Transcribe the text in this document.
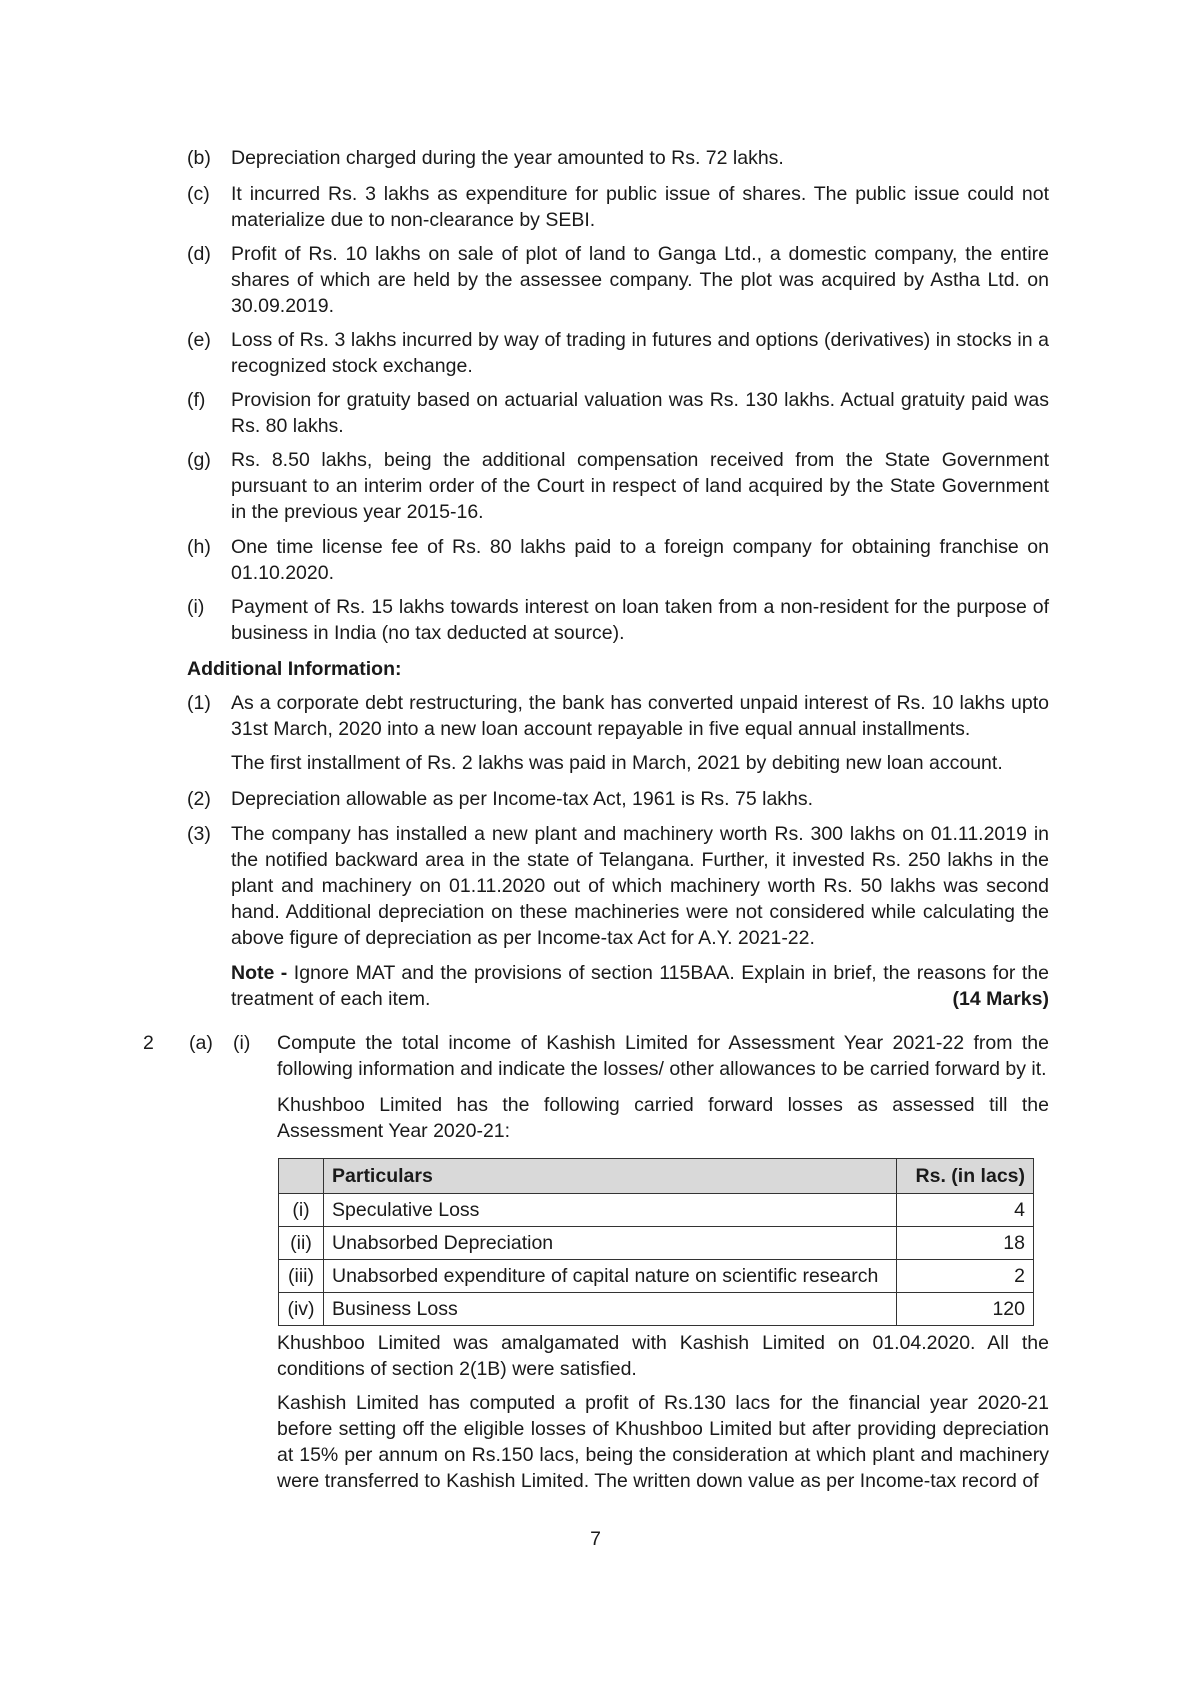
(b) Depreciation charged during the year amounted to Rs. 72 lakhs.
(c) It incurred Rs. 3 lakhs as expenditure for public issue of shares. The public issue could not materialize due to non-clearance by SEBI.
(d) Profit of Rs. 10 lakhs on sale of plot of land to Ganga Ltd., a domestic company, the entire shares of which are held by the assessee company. The plot was acquired by Astha Ltd. on 30.09.2019.
(e) Loss of Rs. 3 lakhs incurred by way of trading in futures and options (derivatives) in stocks in a recognized stock exchange.
(f) Provision for gratuity based on actuarial valuation was Rs. 130 lakhs. Actual gratuity paid was Rs. 80 lakhs.
(g) Rs. 8.50 lakhs, being the additional compensation received from the State Government pursuant to an interim order of the Court in respect of land acquired by the State Government in the previous year 2015-16.
(h) One time license fee of Rs. 80 lakhs paid to a foreign company for obtaining franchise on 01.10.2020.
(i) Payment of Rs. 15 lakhs towards interest on loan taken from a non-resident for the purpose of business in India (no tax deducted at source).
Additional Information:
(1) As a corporate debt restructuring, the bank has converted unpaid interest of Rs. 10 lakhs upto 31st March, 2020 into a new loan account repayable in five equal annual installments.
The first installment of Rs. 2 lakhs was paid in March, 2021 by debiting new loan account.
(2) Depreciation allowable as per Income-tax Act, 1961 is Rs. 75 lakhs.
(3) The company has installed a new plant and machinery worth Rs. 300 lakhs on 01.11.2019 in the notified backward area in the state of Telangana. Further, it invested Rs. 250 lakhs in the plant and machinery on 01.11.2020 out of which machinery worth Rs. 50 lakhs was second hand. Additional depreciation on these machineries were not considered while calculating the above figure of depreciation as per Income-tax Act for A.Y. 2021-22.
Note - Ignore MAT and the provisions of section 115BAA. Explain in brief, the reasons for the treatment of each item.	(14 Marks)
2 (a) (i) Compute the total income of Kashish Limited for Assessment Year 2021-22 from the following information and indicate the losses/ other allowances to be carried forward by it.
Khushboo Limited has the following carried forward losses as assessed till the Assessment Year 2020-21:
	Particulars	Rs. (in lacs)
(i)	Speculative Loss	4
(ii)	Unabsorbed Depreciation	18
(iii)	Unabsorbed expenditure of capital nature on scientific research	2
(iv)	Business Loss	120
Khushboo Limited was amalgamated with Kashish Limited on 01.04.2020. All the conditions of section 2(1B) were satisfied.
Kashish Limited has computed a profit of Rs.130 lacs for the financial year 2020-21 before setting off the eligible losses of Khushboo Limited but after providing depreciation at 15% per annum on Rs.150 lacs, being the consideration at which plant and machinery were transferred to Kashish Limited. The written down value as per Income-tax record of
7
